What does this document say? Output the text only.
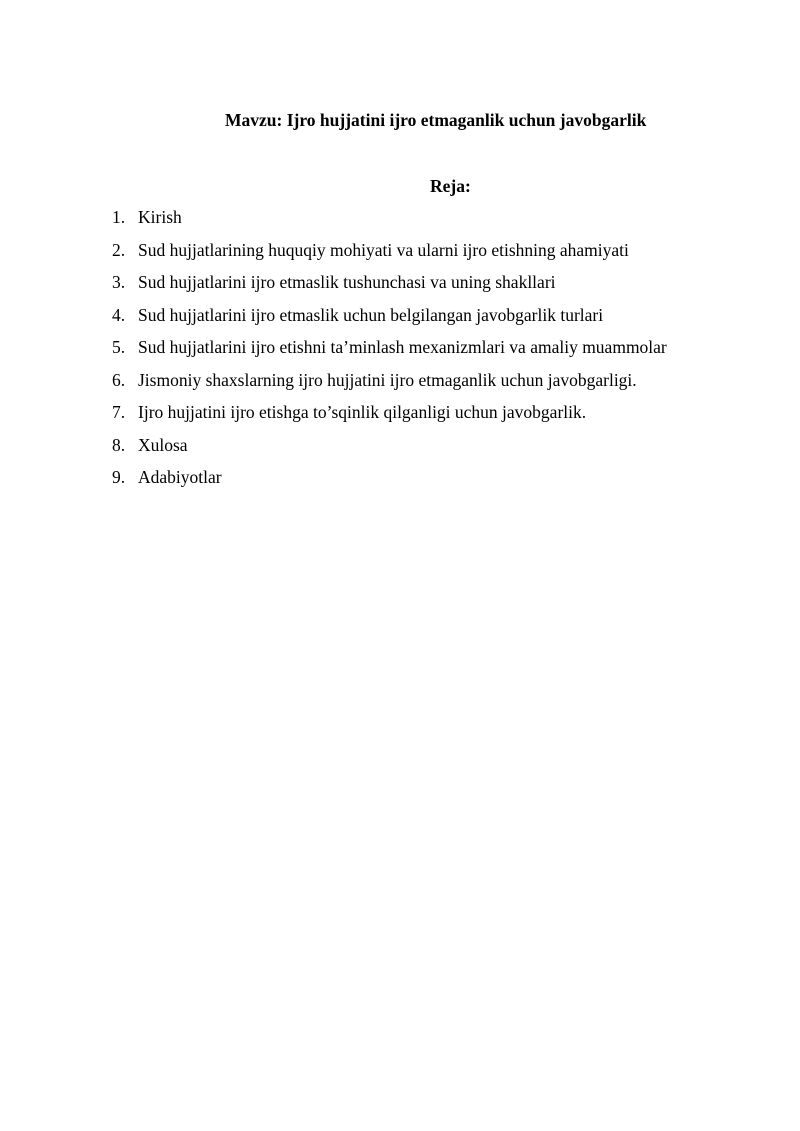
Mavzu: Ijro hujjatini ijro etmaganlik uchun javobgarlik
Reja:
1. Kirish
2. Sud hujjatlarining huquqiy mohiyati va ularni ijro etishning ahamiyati
3. Sud hujjatlarini ijro etmaslik tushunchasi va uning shakllari
4. Sud hujjatlarini ijro etmaslik uchun belgilangan javobgarlik turlari
5. Sud hujjatlarini ijro etishni ta’minlash mexanizmlari va amaliy muammolar
6. Jismoniy shaxslarning ijro hujjatini ijro etmaganlik uchun javobgarligi.
7. Ijro hujjatini ijro etishga to’sqinlik qilganligi uchun javobgarlik.
8. Xulosa
9. Adabiyotlar
